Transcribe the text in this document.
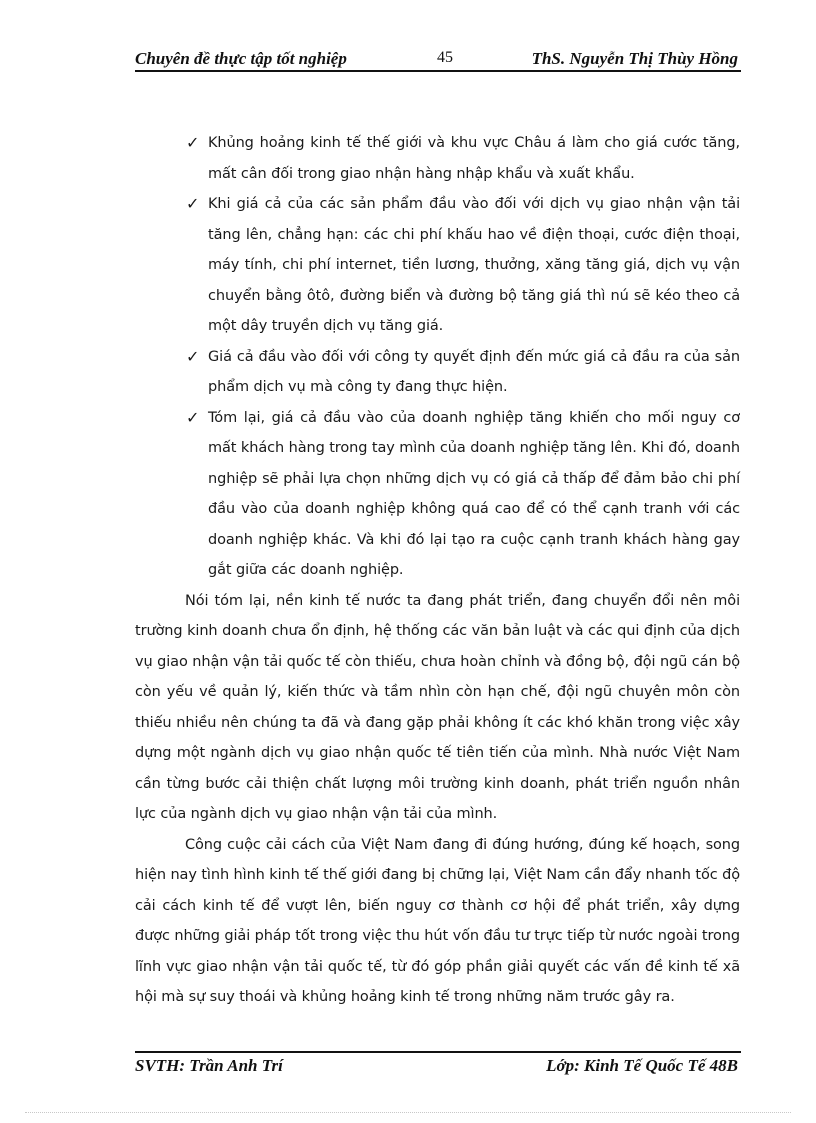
Chuyên đề thực tập tốt nghiệp	45	ThS. Nguyễn Thị Thùy Hồng
✓ Khủng hoảng kinh tế thế giới và khu vực Châu á làm cho giá cước tăng, mất cân đối trong giao nhận hàng nhập khẩu và xuất khẩu.
✓ Khi giá cả của các sản phẩm đầu vào đối với dịch vụ giao nhận vận tải tăng lên, chẳng hạn: các chi phí khấu hao về điện thoại, cước điện thoại, máy tính, chi phí internet, tiền lương, thưởng, xăng tăng giá, dịch vụ vận chuyển bằng ôtô, đường biển và đường bộ tăng giá thì nú sẽ kéo theo cả một dây truyền dịch vụ tăng giá.
✓ Giá cả đầu vào đối với công ty quyết định đến mức giá cả đầu ra của sản phẩm dịch vụ mà công ty đang thực hiện.
✓ Tóm lại, giá cả đầu vào của doanh nghiệp tăng khiến cho mối nguy cơ mất khách hàng trong tay mình của doanh nghiệp tăng lên. Khi đó, doanh nghiệp sẽ phải lựa chọn những dịch vụ có giá cả thấp để đảm bảo chi phí đầu vào của doanh nghiệp không quá cao để có thể cạnh tranh với các doanh nghiệp khác. Và khi đó lại tạo ra cuộc cạnh tranh khách hàng gay gắt giữa các doanh nghiệp.
Nói tóm lại, nền kinh tế nước ta đang phát triển, đang chuyển đổi nên môi trường kinh doanh chưa ổn định, hệ thống các văn bản luật và các qui định của dịch vụ giao nhận vận tải quốc tế còn thiếu, chưa hoàn chỉnh và đồng bộ, đội ngũ cán bộ còn yếu về quản lý, kiến thức và tầm nhìn còn hạn chế, đội ngũ chuyên môn còn thiếu nhiều nên chúng ta đã và đang gặp phải không ít các khó khăn trong việc xây dựng một ngành dịch vụ giao nhận quốc tế tiên tiến của mình. Nhà nước Việt Nam cần từng bước cải thiện chất lượng môi trường kinh doanh, phát triển nguồn nhân lực của ngành dịch vụ giao nhận vận tải của mình.
Công cuộc cải cách của Việt Nam đang đi đúng hướng, đúng kế hoạch, song hiện nay tình hình kinh tế thế giới đang bị chững lại, Việt Nam cần đẩy nhanh tốc độ cải cách kinh tế để vượt lên, biến nguy cơ thành cơ hội để phát triển, xây dựng được những giải pháp tốt trong việc thu hút vốn đầu tư trực tiếp từ nước ngoài trong lĩnh vực giao nhận vận tải quốc tế, từ đó góp phần giải quyết các vấn đề kinh tế xã hội mà sự suy thoái và khủng hoảng kinh tế trong những năm trước gây ra.
SVTH: Trần Anh Trí	Lớp: Kinh Tế Quốc Tế 48B
